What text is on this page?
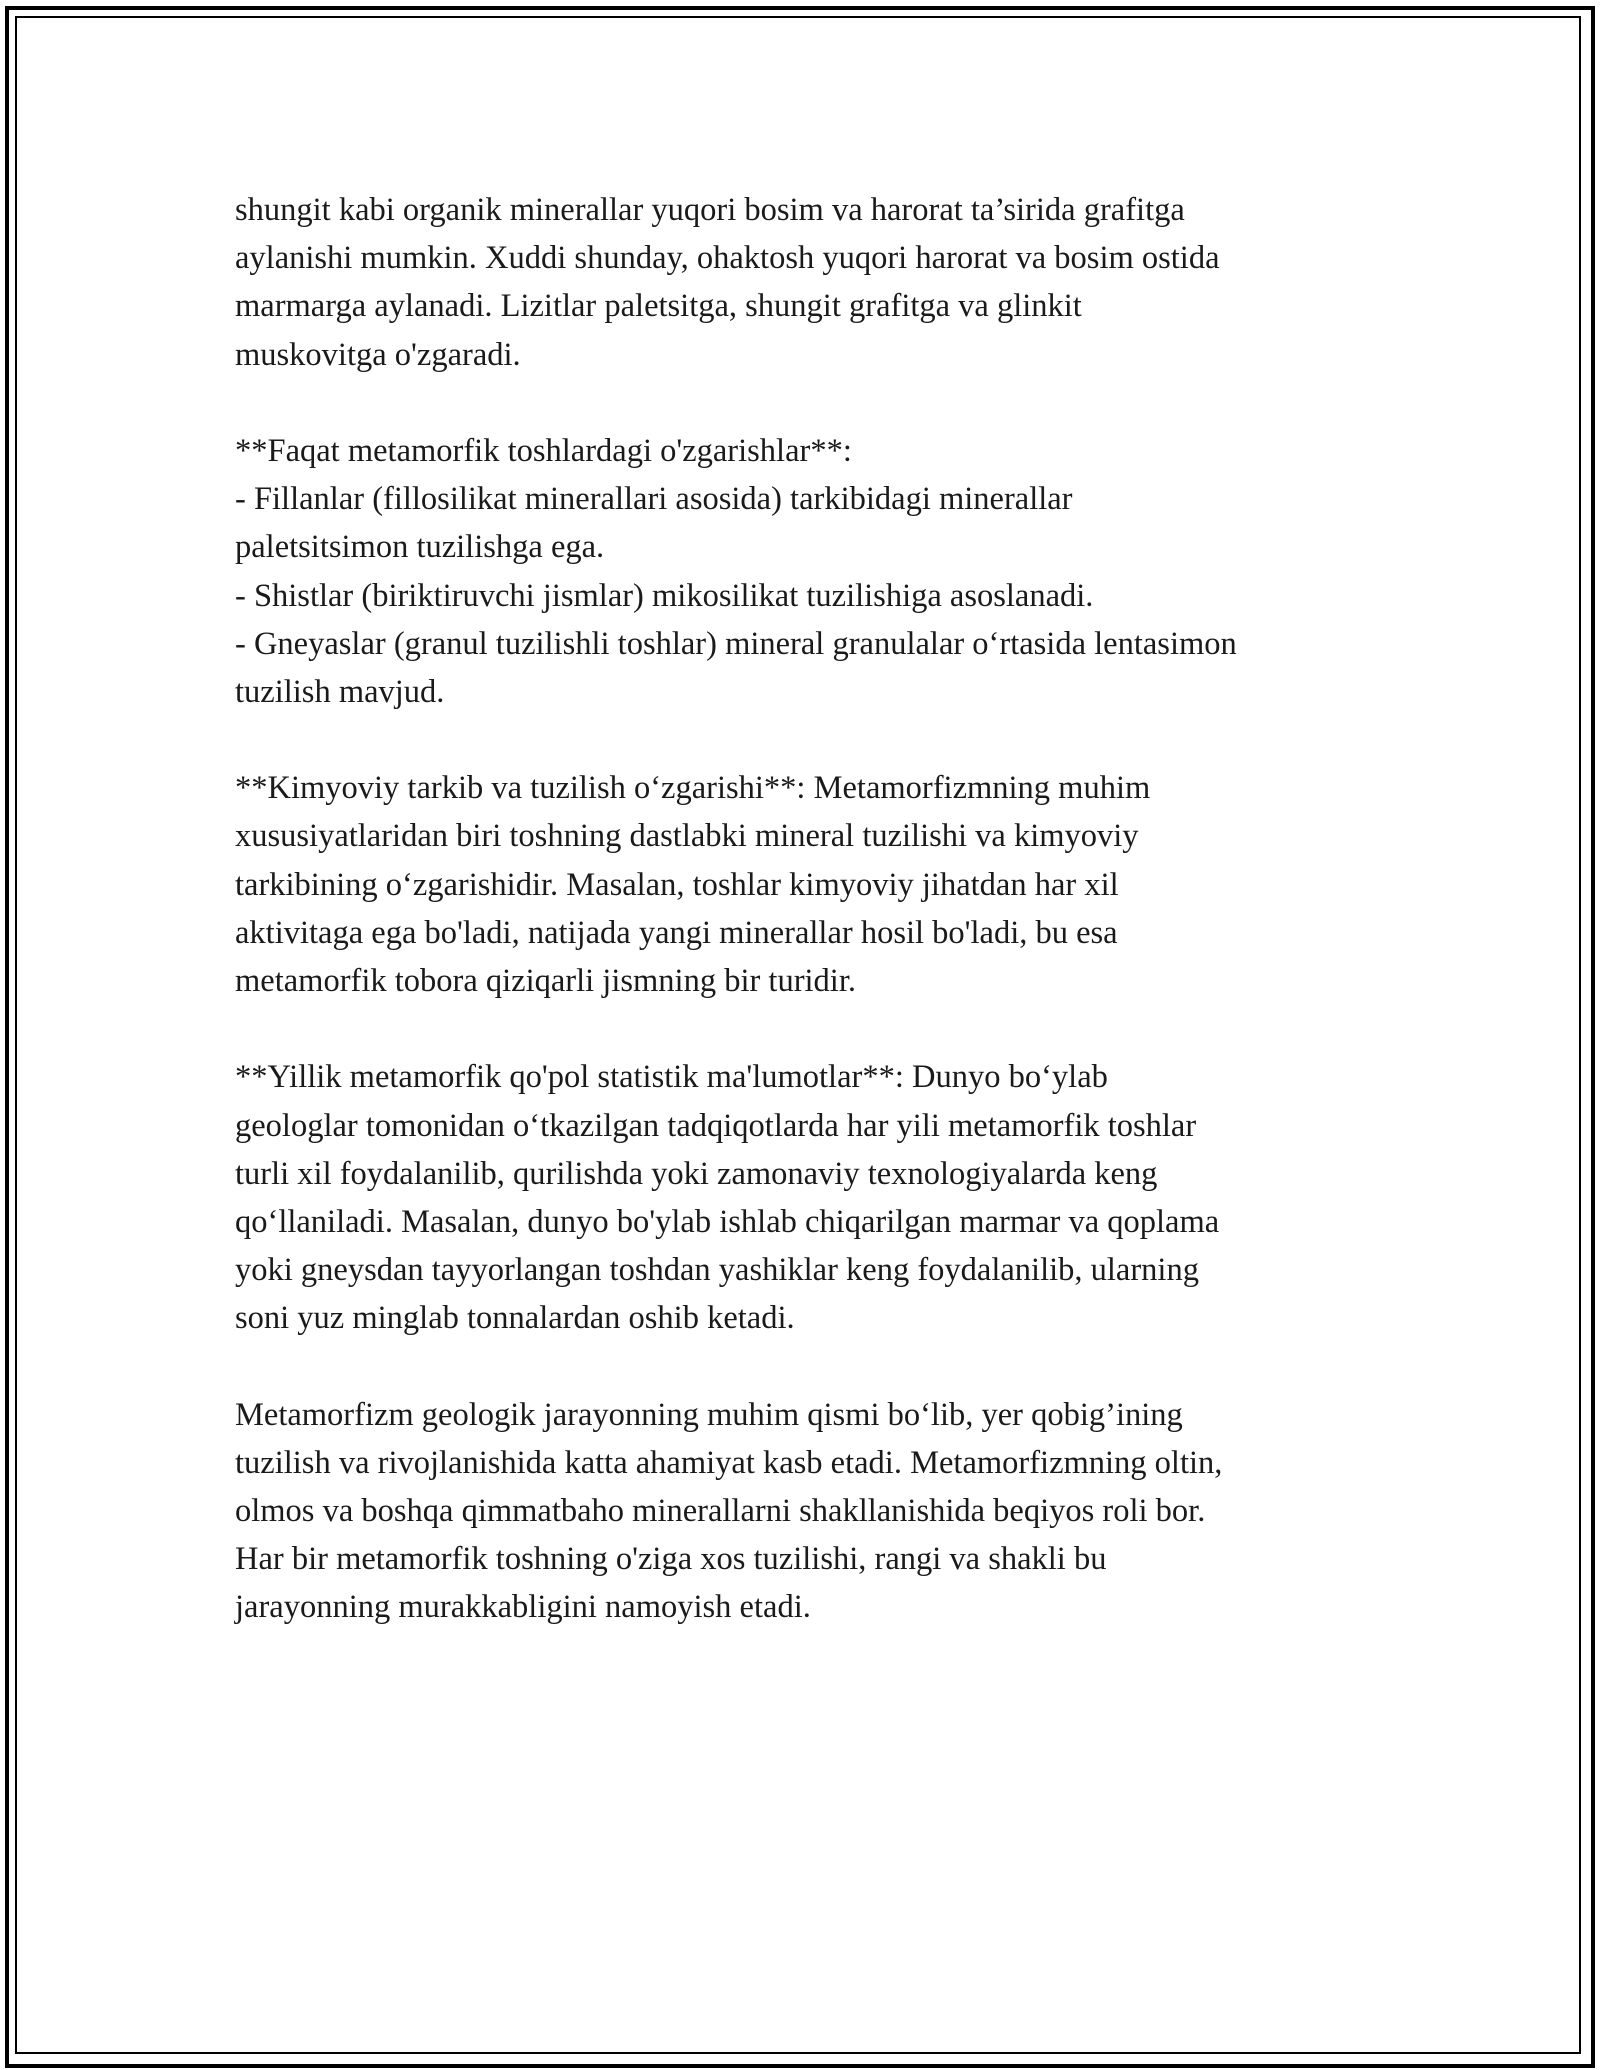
shungit kabi organik minerallar yuqori bosim va harorat ta’sirida grafitga
aylanishi mumkin. Xuddi shunday, ohaktosh yuqori harorat va bosim ostida
marmarga aylanadi. Lizitlar paletsitga, shungit grafitga va glinkit
muskovitga o'zgaradi.
**Faqat metamorfik toshlardagi o'zgarishlar**:
- Fillanlar (fillosilikat minerallari asosida) tarkibidagi minerallar
paletsitsimon tuzilishga ega.
- Shistlar (biriktiruvchi jismlar) mikosilikat tuzilishiga asoslanadi.
- Gneyaslar (granul tuzilishli toshlar) mineral granulalar o‘rtasida lentasimon
tuzilish mavjud.
**Kimyoviy tarkib va tuzilish o‘zgarishi**: Metamorfizmning muhim
xususiyatlaridan biri toshning dastlabki mineral tuzilishi va kimyoviy
tarkibining o‘zgarishidir. Masalan, toshlar kimyoviy jihatdan har xil
aktivitaga ega bo'ladi, natijada yangi minerallar hosil bo'ladi, bu esa
metamorfik tobora qiziqarli jismning bir turidir.
**Yillik metamorfik qo'pol statistik ma'lumotlar**: Dunyo bo‘ylab
geologlar tomonidan o‘tkazilgan tadqiqotlarda har yili metamorfik toshlar
turli xil foydalanilib, qurilishda yoki zamonaviy texnologiyalarda keng
qo‘llaniladi. Masalan, dunyo bo'ylab ishlab chiqarilgan marmar va qoplama
yoki gneysdan tayyorlangan toshdan yashiklar keng foydalanilib, ularning
soni yuz minglab tonnalardan oshib ketadi.
Metamorfizm geologik jarayonning muhim qismi bo‘lib, yer qobig’ining
tuzilish va rivojlanishida katta ahamiyat kasb etadi. Metamorfizmning oltin,
olmos va boshqa qimmatbaho minerallarni shakllanishida beqiyos roli bor.
Har bir metamorfik toshning o'ziga xos tuzilishi, rangi va shakli bu
jarayonning murakkabligini namoyish etadi.
